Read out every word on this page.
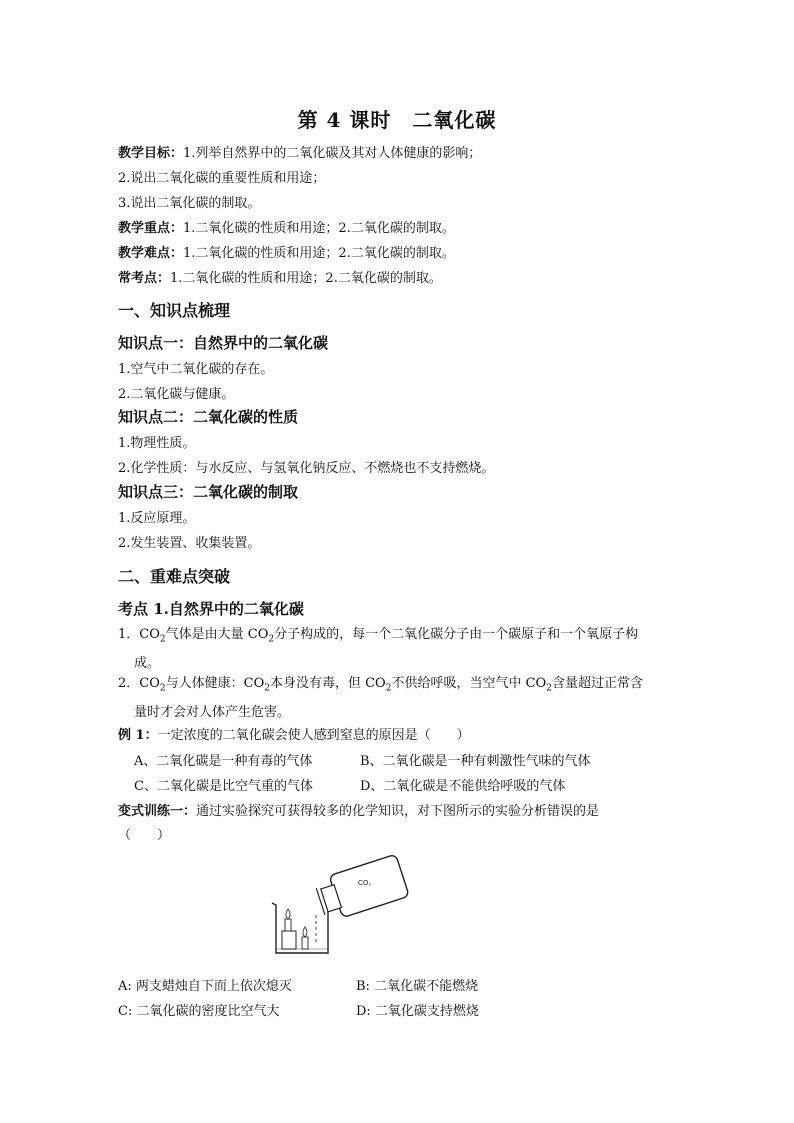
第 4 课时　二氧化碳
教学目标：1.列举自然界中的二氧化碳及其对人体健康的影响；
2.说出二氧化碳的重要性质和用途；
3.说出二氧化碳的制取。
教学重点：1.二氧化碳的性质和用途；2.二氧化碳的制取。
教学难点：1.二氧化碳的性质和用途；2.二氧化碳的制取。
常考点：1.二氧化碳的性质和用途；2.二氧化碳的制取。
一、知识点梳理
知识点一：自然界中的二氧化碳
1.空气中二氧化碳的存在。
2.二氧化碳与健康。
知识点二：二氧化碳的性质
1.物理性质。
2.化学性质：与水反应、与氢氧化钠反应、不燃烧也不支持燃烧。
知识点三：二氧化碳的制取
1.反应原理。
2.发生装置、收集装置。
二、重难点突破
考点 1.自然界中的二氧化碳
1．$CO_2$气体是由大量 $CO_2$分子构成的，每一个二氧化碳分子由一个碳原子和一个氧原子构
成。
2．$CO_2$与人体健康：$CO_2$本身没有毒，但 $CO_2$不供给呼吸，当空气中 $CO_2$含量超过正常含
量时才会对人体产生危害。
例 1：一定浓度的二氧化碳会使人感到窒息的原因是（　　）
A、二氧化碳是一种有毒的气体	B、二氧化碳是一种有刺激性气味的气体
C、二氧化碳是比空气重的气体	D、二氧化碳是不能供给呼吸的气体
变式训练一：通过实验探究可获得较多的化学知识，对下图所示的实验分析错误的是
（　　）
CO₂
A: 两支蜡烛自下而上依次熄灭	B: 二氧化碳不能燃烧
C: 二氧化碳的密度比空气大	D: 二氧化碳支持燃烧
